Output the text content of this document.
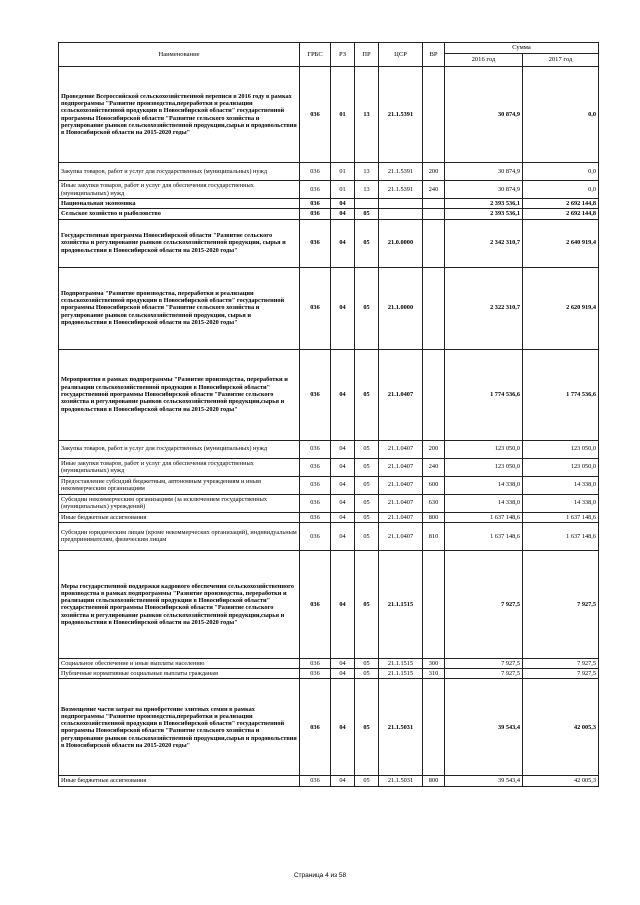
Наименование	ГРБС	РЗ	ПР	ЦСР	ВР	Сумма	
						2016 год	2017 год
Проведение Всероссийской сельскохозяйственной переписи в 2016 году в рамках подпрограммы "Развитие производства,переработки и реализации сельскохозяйственной продукции в Новосибирской области" государственной программы Новосибирской области "Развитие сельского хозяйства и регулирование рынков сельскохозяйственной продукции,сырья и продовольствия в Новосибирской области на 2015-2020 годы"	036	01	13	21.1.5391		30 874,9	0,0
Закупка товаров, работ и услуг для государственных (муниципальных) нужд	036	01	13	21.1.5391	200	30 874,9	0,0
Иные закупки товаров, работ и услуг для обеспечения государственных (муниципальных) нужд	036	01	13	21.1.5391	240	30 874,9	0,0
Национальная экономика	036	04				2 393 536,1	2 692 144,8
Сельское хозяйство и рыболовство	036	04	05			2 393 536,1	2 692 144,8
Государственная программа Новосибирской области "Развитие сельского хозяйства и регулирование рынков сельскохозяйственной продукции, сырья и продовольствия в Новосибирской области на 2015-2020 годы"	036	04	05	21.0.0000		2 342 310,7	2 640 919,4
Подпрограмма "Развитие производства, переработки и реализации сельскохозяйственной продукции в Новосибирской области" государственной программы Новосибирской области "Развитие сельского хозяйства и регулирование рынков сельскохозяйственной продукции, сырья и продовольствия в Новосибирской области на 2015-2020 годы"	036	04	05	21.1.0000		2 322 310,7	2 620 919,4
Мероприятия в рамках подпрограммы "Развитие производства, переработки и реализации сельскохозяйственной продукции в Новосибирской области" государственной программы Новосибирской области "Развитие сельского хозяйства и регулирование рынков сельскохозяйственной продукции,сырья и продовольствия в Новосибирской области на 2015-2020 годы"	036	04	05	21.1.0407		1 774 536,6	1 774 536,6
Закупка товаров, работ и услуг для государственных (муниципальных) нужд	036	04	05	21.1.0407	200	123 050,0	123 050,0
Иные закупки товаров, работ и услуг для обеспечения государственных (муниципальных) нужд	036	04	05	21.1.0407	240	123 050,0	123 050,0
Предоставление субсидий бюджетным, автономным учреждениям и иным некоммерческим организациям	036	04	05	21.1.0407	600	14 338,0	14 338,0
Субсидии некоммерческим организациям (за исключением государственных (муниципальных) учреждений)	036	04	05	21.1.0407	630	14 338,0	14 338,0
Иные бюджетные ассигнования	036	04	05	21.1.0407	800	1 637 148,6	1 637 148,6
Субсидии юридическим лицам (кроме некоммерческих организаций), индивидуальным предпринимателям, физическим лицам	036	04	05	21.1.0407	810	1 637 148,6	1 637 148,6
Меры государственной поддержки кадрового обеспечения сельскохозяйственного производства в рамках подпрограммы "Развитие производства, переработки и реализации сельскохозяйственной продукции в Новосибирской области" государственной программы Новосибирской области "Развитие сельского хозяйства и регулирование рынков сельскохозяйственной продукции,сырья и продовольствия в Новосибирской области на 2015-2020 годы"	036	04	05	21.1.1515		7 927,5	7 927,5
Социальное обеспечение и иные выплаты населению	036	04	05	21.1.1515	300	7 927,5	7 927,5
Публичные нормативные социальные выплаты гражданам	036	04	05	21.1.1515	310	7 927,5	7 927,5
Возмещение части затрат на приобретение элитных семян в рамках подпрограммы "Развитие производства,переработки и реализации сельскохозяйственной продукции в Новосибирской области" государственной программы Новосибирской области "Развитие сельского хозяйства и регулирование рынков сельскохозяйственной продукции,сырья и продовольствия в Новосибирской области на 2015-2020 годы"	036	04	05	21.1.5031		39 543,4	42 005,3
Иные бюджетные ассигнования	036	04	05	21.1.5031	800	39 543,4	42 005,3
Страница 4 из 58
